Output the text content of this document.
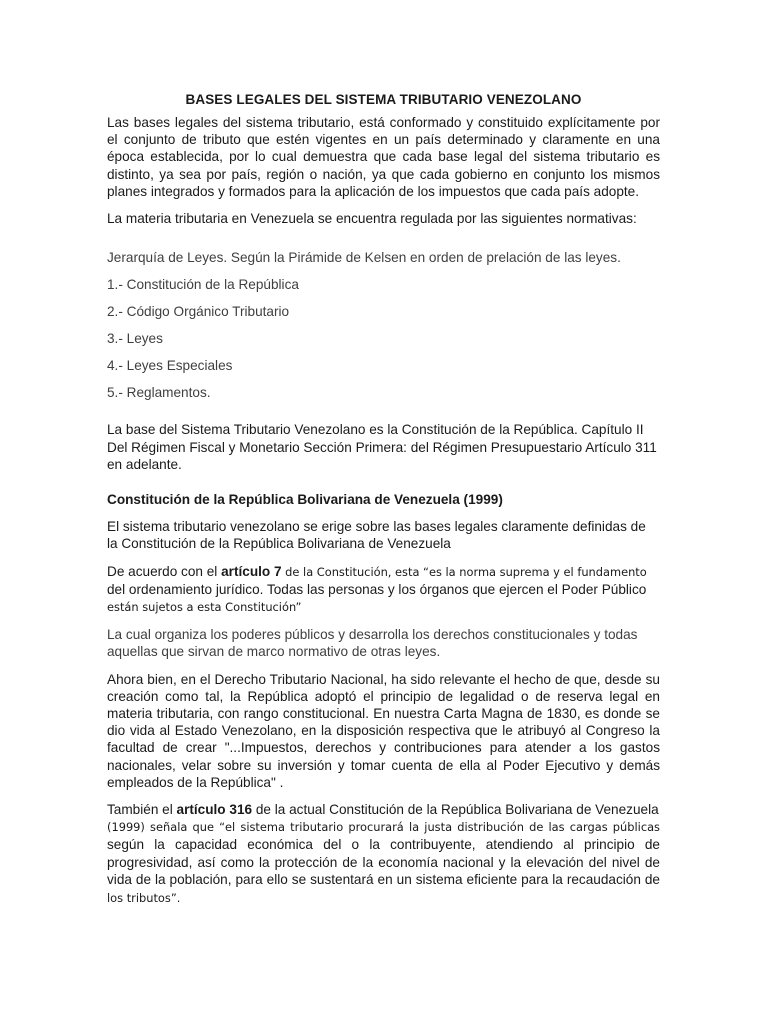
BASES LEGALES DEL SISTEMA TRIBUTARIO VENEZOLANO

Las bases legales del sistema tributario, está conformado y constituido explícitamente por el conjunto de tributo que estén vigentes en un país determinado y claramente en una época establecida, por lo cual demuestra que cada base legal del sistema tributario es distinto, ya sea por país, región o nación, ya que cada gobierno en conjunto los mismos planes integrados y formados para la aplicación de los impuestos que cada país adopte.

La materia tributaria en Venezuela se encuentra regulada por las siguientes normativas:

Jerarquía de Leyes. Según la Pirámide de Kelsen en orden de prelación de las leyes.

1.- Constitución de la República
2.- Código Orgánico Tributario
3.- Leyes
4.- Leyes Especiales
5.- Reglamentos.

La base del Sistema Tributario Venezolano es la Constitución de la República. Capítulo II Del Régimen Fiscal y Monetario Sección Primera: del Régimen Presupuestario Artículo 311 en adelante.

Constitución de la República Bolivariana de Venezuela (1999)

El sistema tributario venezolano se erige sobre las bases legales claramente definidas de la Constitución de la República Bolivariana de Venezuela

De acuerdo con el artículo 7 de la Constitución, esta “es la norma suprema y el fundamento del ordenamiento jurídico. Todas las personas y los órganos que ejercen el Poder Público
están sujetos a esta Constitución”

La cual organiza los poderes públicos y desarrolla los derechos constitucionales y todas aquellas que sirvan de marco normativo de otras leyes.

Ahora bien, en el Derecho Tributario Nacional, ha sido relevante el hecho de que, desde su creación como tal, la República adoptó el principio de legalidad o de reserva legal en materia tributaria, con rango constitucional. En nuestra Carta Magna de 1830, es donde se dio vida al Estado Venezolano, en la disposición respectiva que le atribuyó al Congreso la facultad de crear "...Impuestos, derechos y contribuciones para atender a los gastos nacionales, velar sobre su inversión y tomar cuenta de ella al Poder Ejecutivo y demás empleados de la República" .

También el artículo 316 de la actual Constitución de la República Bolivariana de Venezuela
(1999) señala que “el sistema tributario procurará la justa distribución de las cargas públicas según la capacidad económica del o la contribuyente, atendiendo al principio de progresividad, así como la protección de la economía nacional y la elevación del nivel de vida de la población, para ello se sustentará en un sistema eficiente para la recaudación de los tributos”.
